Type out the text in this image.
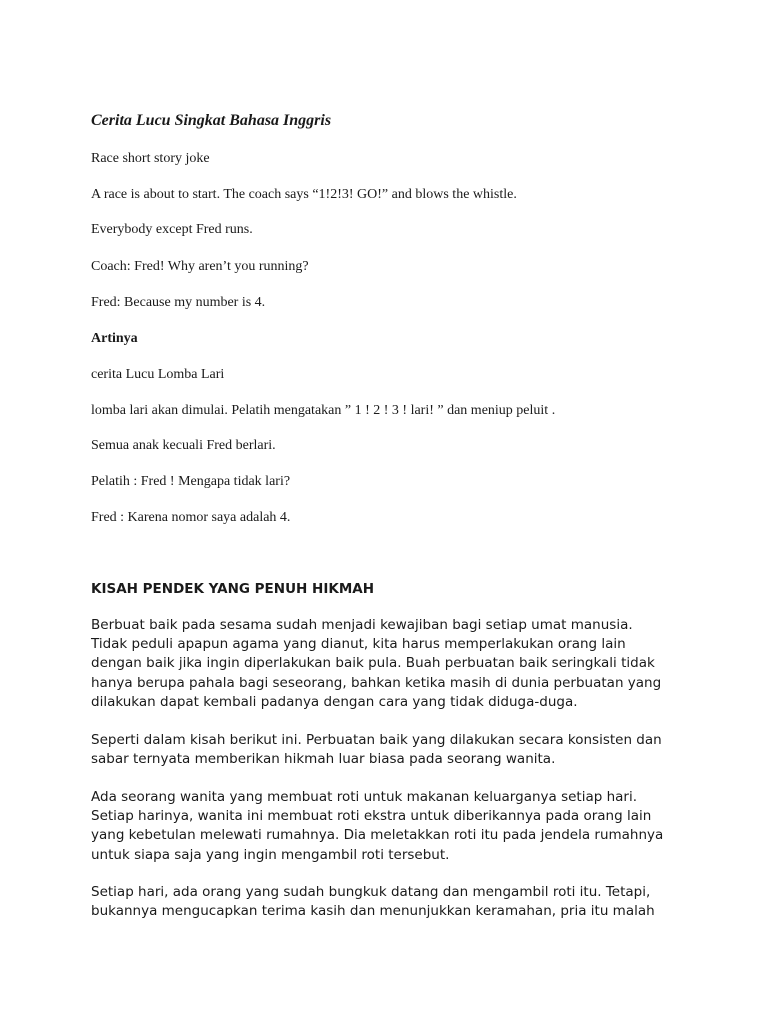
Cerita Lucu Singkat Bahasa Inggris

Race short story joke

A race is about to start. The coach says “1!2!3! GO!” and blows the whistle.

Everybody except Fred runs.

Coach: Fred! Why aren’t you running?

Fred: Because my number is 4.

Artinya

cerita Lucu Lomba Lari

lomba lari akan dimulai. Pelatih mengatakan ” 1 ! 2 ! 3 ! lari! ” dan meniup peluit .

Semua anak kecuali Fred berlari.

Pelatih : Fred ! Mengapa tidak lari?

Fred : Karena nomor saya adalah 4.

KISAH PENDEK YANG PENUH HIKMAH

Berbuat baik pada sesama sudah menjadi kewajiban bagi setiap umat manusia.
Tidak peduli apapun agama yang dianut, kita harus memperlakukan orang lain
dengan baik jika ingin diperlakukan baik pula. Buah perbuatan baik seringkali tidak
hanya berupa pahala bagi seseorang, bahkan ketika masih di dunia perbuatan yang
dilakukan dapat kembali padanya dengan cara yang tidak diduga-duga.

Seperti dalam kisah berikut ini. Perbuatan baik yang dilakukan secara konsisten dan
sabar ternyata memberikan hikmah luar biasa pada seorang wanita.

Ada seorang wanita yang membuat roti untuk makanan keluarganya setiap hari.
Setiap harinya, wanita ini membuat roti ekstra untuk diberikannya pada orang lain
yang kebetulan melewati rumahnya. Dia meletakkan roti itu pada jendela rumahnya
untuk siapa saja yang ingin mengambil roti tersebut.

Setiap hari, ada orang yang sudah bungkuk datang dan mengambil roti itu. Tetapi,
bukannya mengucapkan terima kasih dan menunjukkan keramahan, pria itu malah
